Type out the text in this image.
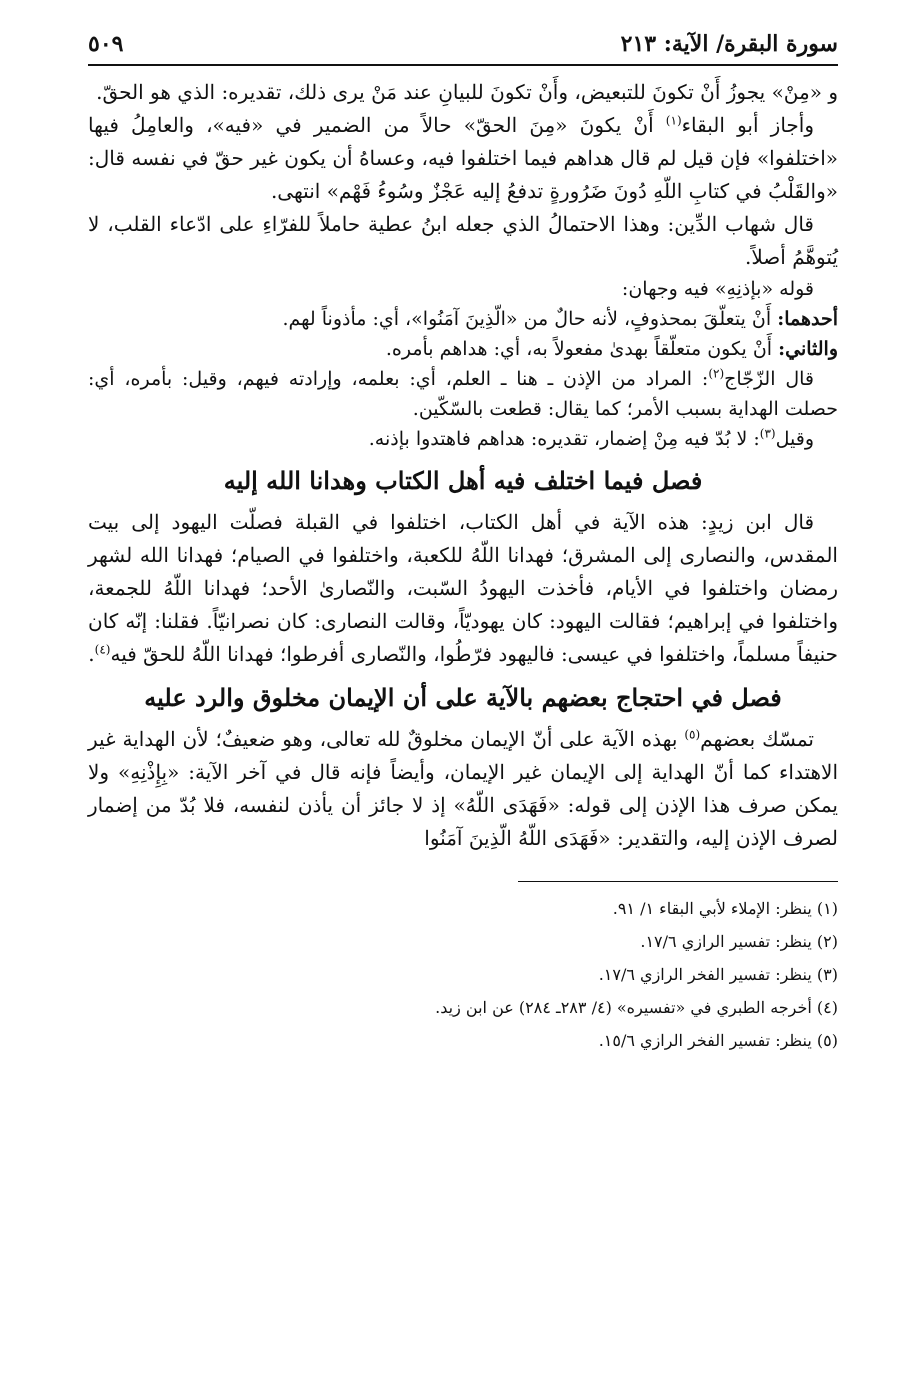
سورة البقرة/ الآية: ٢١٣
٥٠٩

و «مِنْ» يجوزُ أَنْ تكونَ للتبعيض، وأَنْ تكونَ للبيانِ عند مَنْ يرى ذلك، تقديره: الذي هو الحقّ.

وأجاز أبو البقاء$^{(١)}$ أَنْ يكونَ «مِنَ الحقّ» حالاً من الضمير في «فيه»، والعامِلُ فيها «اختلفوا» فإن قيل لم قال هداهم فيما اختلفوا فيه، وعساهُ أن يكون غير حقّ في نفسه قال: «والقَلْبُ في كتابِ اللّهِ دُونَ ضَرُورةٍ تدفعُ إليه عَجْزٌ وسُوءُ فَهْم» انتهى.

قال شهاب الدِّين: وهذا الاحتمالُ الذي جعله ابنُ عطية حاملاً للفرّاءِ على ادّعاء القلب، لا يُتوهَّمُ أصلاً.

قوله «بإذنِهِ» فيه وجهان:

أحدهما: أَنْ يتعلّقَ بمحذوفٍ، لأنه حالٌ من «الّذِينَ آمَنُوا»، أي: مأذوناً لهم.

والثاني: أَنْ يكون متعلّقاً بهدىٰ مفعولاً به، أي: هداهم بأمره.

قال الزّجّاج$^{(٢)}$: المراد من الإذن ـ هنا ـ العلم، أي: بعلمه، وإرادته فيهم، وقيل: بأمره، أي: حصلت الهداية بسبب الأمر؛ كما يقال: قطعت بالسّكّين.

وقيل$^{(٣)}$: لا بُدّ فيه مِنْ إضمار، تقديره: هداهم فاهتدوا بإذنه.

فصل فيما اختلف فيه أهل الكتاب وهدانا الله إليه

قال ابن زيدٍ: هذه الآية في أهل الكتاب، اختلفوا في القبلة فصلّت اليهود إلى بيت المقدس، والنصارى إلى المشرق؛ فهدانا اللّهُ للكعبة، واختلفوا في الصيام؛ فهدانا الله لشهر رمضان واختلفوا في الأيام، فأخذت اليهودُ السّبت، والنّصارىٰ الأحد؛ فهدانا اللّهُ للجمعة، واختلفوا في إبراهيم؛ فقالت اليهود: كان يهوديّاً، وقالت النصارى: كان نصرانيّاً. فقلنا: إنّه كان حنيفاً مسلماً، واختلفوا في عيسى: فاليهود فرّطُوا، والنّصارى أفرطوا؛ فهدانا اللّهُ للحقّ فيه$^{(٤)}$.

فصل في احتجاج بعضهم بالآية على أن الإيمان مخلوق والرد عليه

تمسّك بعضهم$^{(٥)}$ بهذه الآية على أنّ الإيمان مخلوقٌ لله تعالى، وهو ضعيفٌ؛ لأن الهداية غير الاهتداء كما أنّ الهداية إلى الإيمان غير الإيمان، وأيضاً فإنه قال في آخر الآية: «بِإِذْنِهِ» ولا يمكن صرف هذا الإذن إلى قوله: «فَهَدَى اللّهُ» إذ لا جائز أن يأذن لنفسه، فلا بُدّ من إضمار لصرف الإذن إليه، والتقدير: «فَهَدَى اللّهُ الّذِينَ آمَنُوا

(١) ينظر: الإملاء لأبي البقاء ١/ ٩١.
(٢) ينظر: تفسير الرازي ١٧/٦.
(٣) ينظر: تفسير الفخر الرازي ١٧/٦.
(٤) أخرجه الطبري في «تفسيره» (٤/ ٢٨٣ـ ٢٨٤) عن ابن زيد.
(٥) ينظر: تفسير الفخر الرازي ١٥/٦.
